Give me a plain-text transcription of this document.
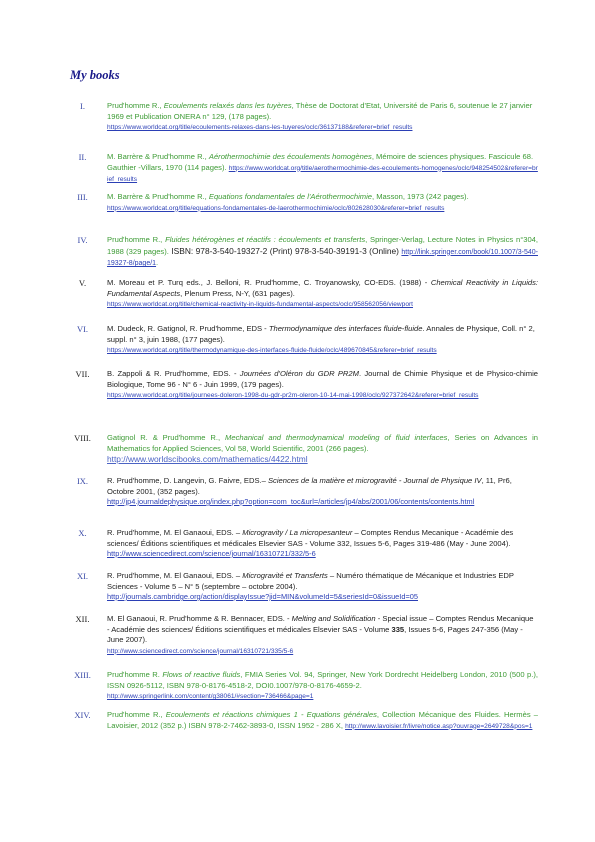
My books
I.	Prud'homme R., Ecoulements relaxés dans les tuyères, Thèse de Doctorat d'Etat, Université de Paris 6, soutenue le 27 janvier 1969 et Publication ONERA n° 129, (178 pages).
https://www.worldcat.org/title/ecoulements-relaxes-dans-les-tuyeres/oclc/36137188&referer=brief_results
II.	M. Barrère & Prud'homme R., Aérothermochimie des écoulements homogènes, Mémoire de sciences physiques. Fascicule 68. Gauthier -Villars, 1970 (114 pages). https://www.worldcat.org/title/aerothermochimie-des-ecoulements-homogenes/oclc/948254502&referer=brief_results
III.	M. Barrère & Prud'homme R., Equations fondamentales de l'Aérothermochimie, Masson, 1973 (242 pages).
https://www.worldcat.org/title/equations-fondamentales-de-laerothermochimie/oclc/802628030&referer=brief_results
IV.	Prud'homme R., Fluides hétérogènes et réactifs : écoulements et transferts, Springer-Verlag, Lecture Notes in Physics n°304, 1988 (329 pages). ISBN: 978-3-540-19327-2 (Print) 978-3-540-39191-3 (Online) http://link.springer.com/book/10.1007/3-540-19327-8/page/1.
V.	M. Moreau et P. Turq eds., J. Belloni, R. Prud'homme, C. Troyanowsky, CO-EDS. (1988) - Chemical Reactivity in Liquids: Fundamental Aspects, Plenum Press, N-Y, (631 pages).
https://www.worldcat.org/title/chemical-reactivity-in-liquids-fundamental-aspects/oclc/958562056/viewport
VI.	M. Dudeck, R. Gatignol, R. Prud'homme, EDS - Thermodynamique des interfaces fluide-fluide. Annales de Physique, Coll. n° 2, suppl. n° 3, juin 1988, (177 pages).
https://www.worldcat.org/title/thermodynamique-des-interfaces-fluide-fluide/oclc/489670845&referer=brief_results
VII.	B. Zappoli & R. Prud'homme, EDS. - Journées d'Oléron du GDR PR2M. Journal de Chimie Physique et de Physico-chimie Biologique, Tome 96 - N° 6 - Juin 1999, (179 pages).
https://www.worldcat.org/title/journees-doleron-1998-du-gdr-pr2m-oleron-10-14-mai-1998/oclc/927372642&referer=brief_results
VIII.	Gatignol R. & Prud'homme R., Mechanical and thermodynamical modeling of fluid interfaces, Series on Advances in Mathematics for Applied Sciences, Vol 58, World Scientific, 2001 (266 pages).
http://www.worldscibooks.com/mathematics/4422.html
IX.	R. Prud'homme, D. Langevin, G. Faivre, EDS.– Sciences de la matière et microgravité - Journal de Physique IV, 11, Pr6, Octobre 2001, (352 pages).
http://jp4.journaldephysique.org/index.php?option=com_toc&url=/articles/jp4/abs/2001/06/contents/contents.html
X.	R. Prud'homme, M. El Ganaoui, EDS. – Microgravity / La micropesanteur – Comptes Rendus Mecanique - Académie des sciences/ Éditions scientifiques et médicales Elsevier SAS - Volume 332, Issues 5-6, Pages 319-486 (May - June 2004). http://www.sciencedirect.com/science/journal/16310721/332/5-6
XI.	R. Prud'homme, M. El Ganaoui, EDS. – Microgravité et Transferts – Numéro thématique de Mécanique et Industries EDP Sciences - Volume 5 – N° 5 (septembre – octobre 2004).
http://journals.cambridge.org/action/displayIssue?jid=MIN&volumeId=5&seriesId=0&issueId=05
XII.	M. El Ganaoui, R. Prud'homme & R. Bennacer, EDS. - Melting and Solidification - Special issue – Comptes Rendus Mecanique - Académie des sciences/ Éditions scientifiques et médicales Elsevier SAS - Volume 335, Issues 5-6, Pages 247-356 (May - June 2007).
http://www.sciencedirect.com/science/journal/16310721/335/5-6
XIII.	Prud'homme R. Flows of reactive fluids, FMIA Series Vol. 94, Springer, New York Dordrecht Heidelberg London, 2010 (500 p.), ISSN 0926-5112, ISBN 978-0-8176-4518-2, DOI0.1007/978-0-8176-4659-2.
http://www.springerlink.com/content/g38061/#section=736466&page=1
XIV.	Prud'homme R., Ecoulements et réactions chimiques 1 - Equations générales, Collection Mécanique des Fluides. Hermès – Lavoisier, 2012 (352 p.) ISBN 978-2-7462-3893-0, ISSN 1952 - 286 X, http://www.lavoisier.fr/livre/notice.asp?ouvrage=2649728&pos=1
